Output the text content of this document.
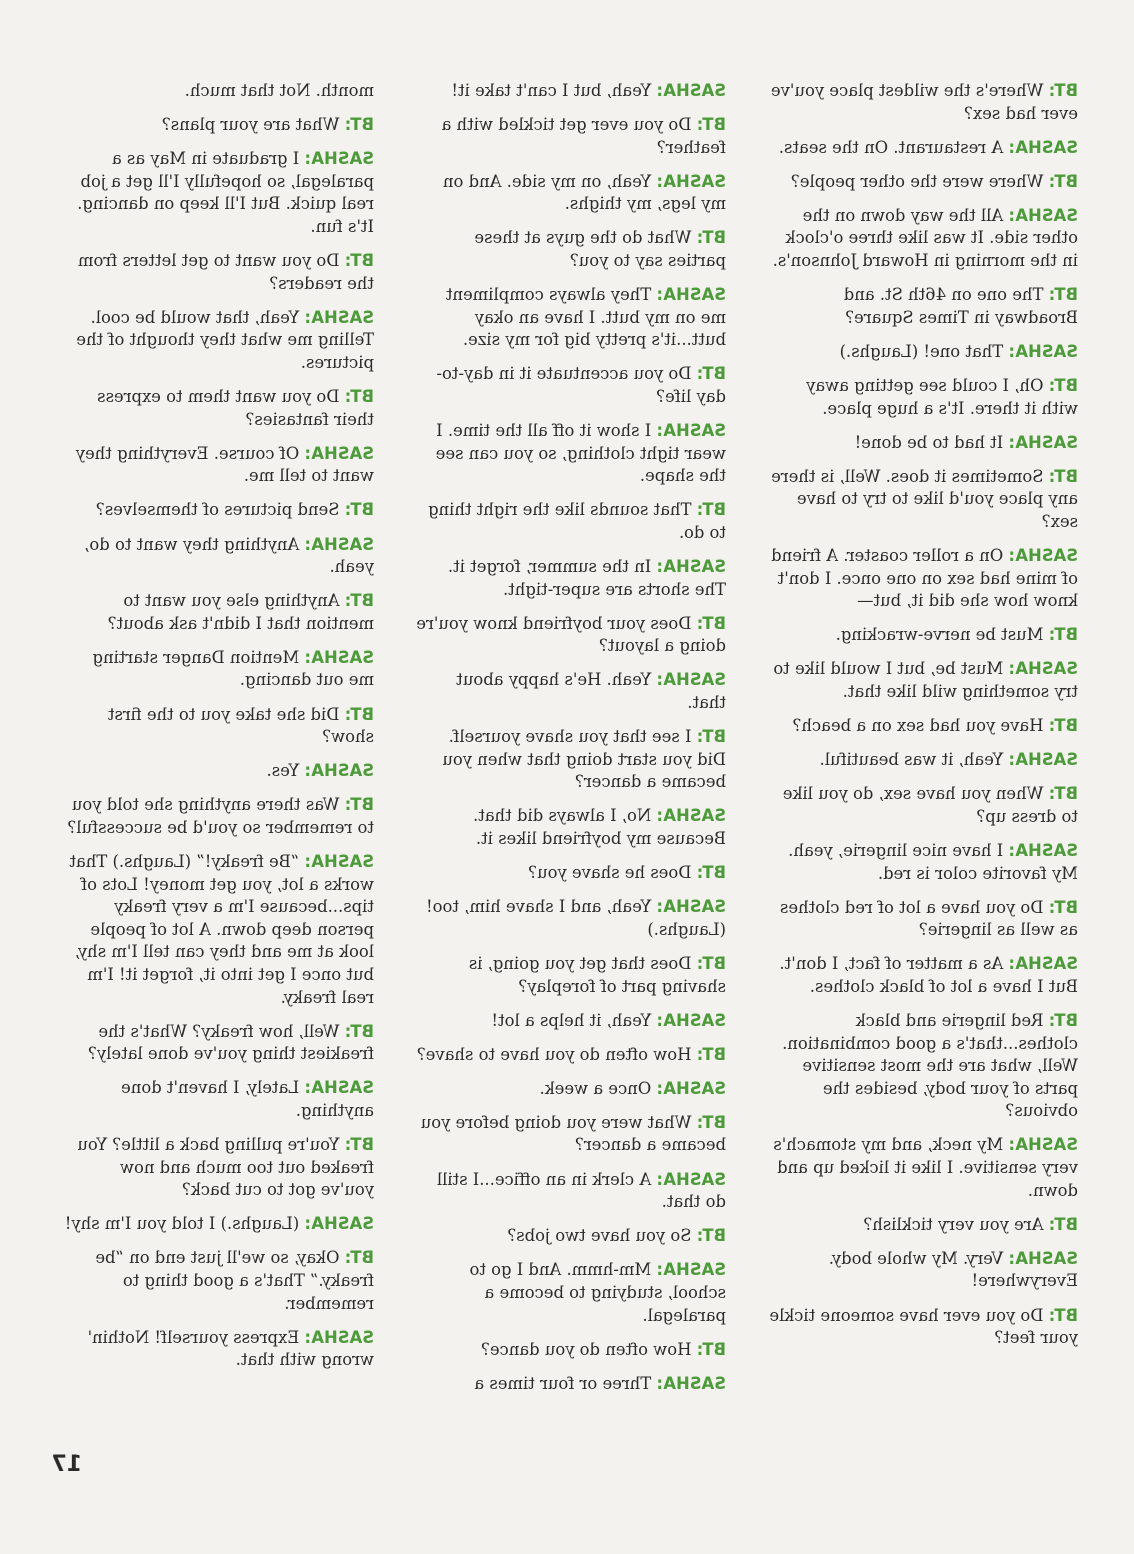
BT: Where's the wildest place you've ever had sex?

SASHA: A restaurant. On the seats.

BT: Where were the other people?

SASHA: All the way down on the other side. It was like three o'clock in the morning in Howard Johnson's.

BT: The one on 46th St. and Broadway in Times Square?

SASHA: That one! (Laughs.)

BT: Oh, I could see getting away with it there. It's a huge place.

SASHA: It had to be done!

BT: Sometimes it does. Well, is there any place you'd like to try to have sex?

SASHA: On a roller coaster. A friend of mine had sex on one once. I don't know how she did it, but—

BT: Must be nerve-wracking.

SASHA: Must be, but I would like to try something wild like that.

BT: Have you had sex on a beach?

SASHA: Yeah, it was beautiful.

BT: When you have sex, do you like to dress up?

SASHA: I have nice lingerie, yeah. My favorite color is red.

BT: Do you have a lot of red clothes as well as lingerie?

SASHA: As a matter of fact, I don't. But I have a lot of black clothes.

BT: Red lingerie and black clothes...that's a good combination. Well, what are the most sensitive parts of your body, besides the obvious?

SASHA: My neck, and my stomach's very sensitive. I like it licked up and down.

BT: Are you very ticklish?

SASHA: Very. My whole body. Everywhere!

BT: Do you ever have someone tickle your feet?

SASHA: Yeah, but I can't take it!

BT: Do you ever get tickled with a feather?

SASHA: Yeah, on my side. And on my legs, my thighs.

BT: What do the guys at these parties say to you?

SASHA: They always compliment me on my butt. I have an okay butt...it's pretty big for my size.

BT: Do you accentuate it in day-to-day life?

SASHA: I show it off all the time. I wear tight clothing, so you can see the shape.

BT: That sounds like the right thing to do.

SASHA: In the summer, forget it. The shorts are super-tight.

BT: Does your boyfriend know you're doing a layout?

SASHA: Yeah. He's happy about that.

BT: I see that you shave yourself. Did you start doing that when you became a dancer?

SASHA: No, I always did that. Because my boyfriend likes it.

BT: Does he shave you?

SASHA: Yeah, and I shave him, too! (Laughs.)

BT: Does that get you going, is shaving part of foreplay?

SASHA: Yeah, it helps a lot!

BT: How often do you have to shave?

SASHA: Once a week.

BT: What were you doing before you became a dancer?

SASHA: A clerk in an office...I still do that.

BT: So you have two jobs?

SASHA: Mm-hmm. And I go to school, studying to become a paralegal.

BT: How often do you dance?

SASHA: Three or four times a

month. Not that much.

BT: What are your plans?

SASHA: I graduate in May as a paralegal, so hopefully I'll get a job real quick. But I'll keep on dancing. It's fun.

BT: Do you want to get letters from the readers?

SASHA: Yeah, that would be cool. Telling me what they thought of the pictures.

BT: Do you want them to express their fantasies?

SASHA: Of course. Everything they want to tell me.

BT: Send pictures of themselves?

SASHA: Anything they want to do, yeah.

BT: Anything else you want to mention that I didn't ask about?

SASHA: Mention Danger starting me out dancing.

BT: Did she take you to the first show?

SASHA: Yes.

BT: Was there anything she told you to remember so you'd be successful?

SASHA: “Be freaky!” (Laughs.) That works a lot, you get money! Lots of tips...because I'm a very freaky person deep down. A lot of people look at me and they can tell I'm shy, but once I get into it, forget it! I'm real freaky.

BT: Well, how freaky? What's the freakiest thing you've done lately?

SASHA: Lately, I haven't done anything.

BT: You're pulling back a little? You freaked out too much and now you've got to cut back?

SASHA: (Laughs.) I told you I'm shy!

BT: Okay, so we'll just end on “be freaky.” That's a good thing to remember.

SASHA: Express yourself! Nothin' wrong with that.

17
